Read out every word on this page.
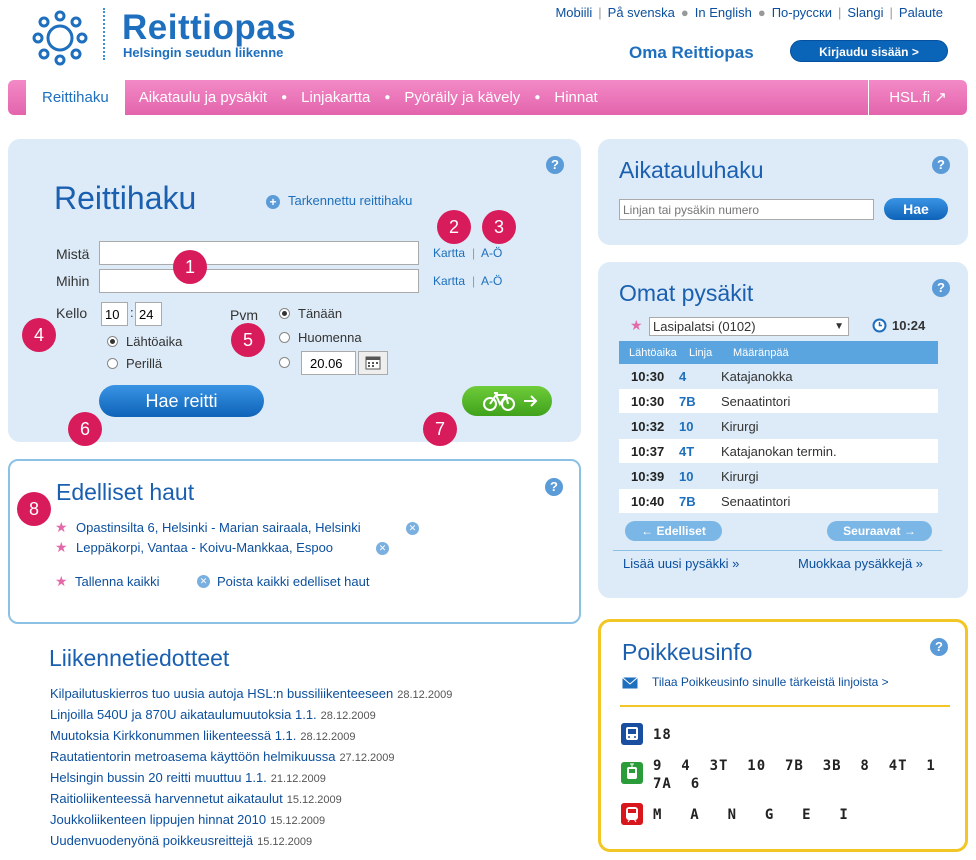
Reittiopas
Helsingin seudun liikenne
Mobiili | På svenska ● In English ● По-русски | Slangi | Palaute
Oma Reittiopas	Kirjaudu sisään >
Reittihaku	Aikataulu ja pysäkit	● Linjakartta	● Pyöräily ja kävely	● Hinnat	HSL.fi ↗
?
Reittihaku	+ Tarkennettu reittihaku
2	3
Mistä	Kartta | A-Ö
Mihin	Kartta | A-Ö
1
Kello
10	:
24
4	Lähtöaika
Perillä
Pvm
5
Tänään
Huomenna
20.06
Hae reitti
6	7
?
8
Edelliset haut
★ Opastinsilta 6, Helsinki - Marian sairaala, Helsinki	✕
★ Leppäkorpi, Vantaa - Koivu-Mankkaa, Espoo	✕
★ Tallenna kaikki	✕ Poista kaikki edelliset haut
Liikennetiedotteet
Kilpailutuskierros tuo uusia autoja HSL:n bussiliikenteeseen 28.12.2009
Linjoilla 540U ja 870U aikataulumuutoksia 1.1. 28.12.2009
Muutoksia Kirkkonummen liikenteessä 1.1. 28.12.2009
Rautatientorin metroasema käyttöön helmikuussa 27.12.2009
Helsingin bussin 20 reitti muuttuu 1.1. 21.12.2009
Raitioliikenteessä harvennetut aikataulut 15.12.2009
Joukkoliikenteen lippujen hinnat 2010 15.12.2009
Uudenvuodenyönä poikkeusreittejä 15.12.2009
?
Aikatauluhaku
Linjan tai pysäkin numero
Hae
?
Omat pysäkit
★ Lasipalatsi (0102)	▼	10:24
Lähtöaika	Linja	Määränpää
10:30	4	Katajanokka
10:30	7B	Senaatintori
10:32	10	Kirurgi
10:37	4T	Katajanokan termin.
10:39	10	Kirurgi
10:40	7B	Senaatintori
← Edelliset	Seuraavat →
Lisää uusi pysäkki »	Muokkaa pysäkkejä »
?
Poikkeusinfo
Tilaa Poikkeusinfo sinulle tärkeistä linjoista >
18
9  4  3T  10  7B  3B  8  4T  1
7A  6
M  A  N  G  E  I
